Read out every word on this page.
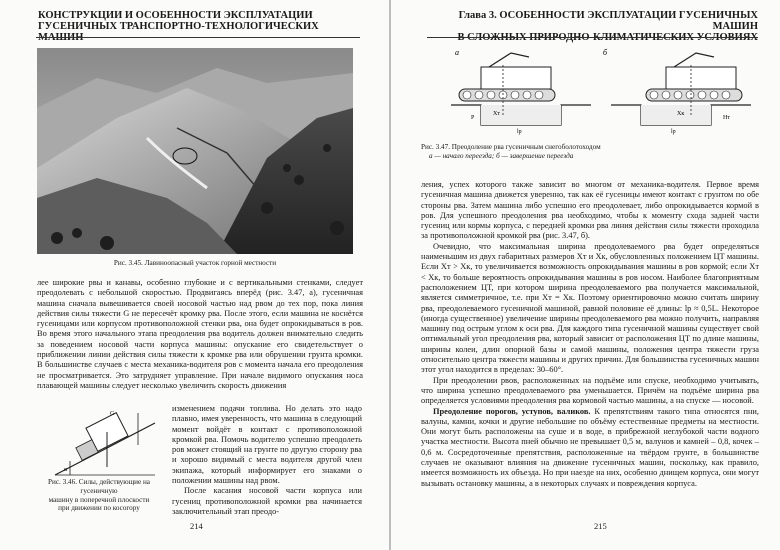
КОНСТРУКЦИИ И ОСОБЕННОСТИ ЭКСПЛУАТАЦИИ
ГУСЕНИЧНЫХ ТРАНСПОРТНО-ТЕХНОЛОГИЧЕСКИХ МАШИН
Рис. 3.45. Лавиноопасный участок горной местности

лее широкие рвы и канавы, особенно глубокие и с вертикальными стенками, следует преодолевать с небольшой скоростью. Продвигаясь вперёд (рис. 3.47, а), гусеничная машина сначала вывешивается своей носовой частью над рвом до тех пор, пока линия действия силы тяжести G не пересечёт кромку рва. После этого, если машина не коснётся гусеницами или корпусом противоположной стенки рва, она будет опрокидываться в ров. Во время этого начального этапа преодоления рва водитель должен внимательно следить за поведением носовой части корпуса машины: опускание его свидетельствует о приближении линии действия силы тяжести к кромке рва или обрушении грунта кромки. В большинстве случаев с места механика-водителя ров с момента начала его преодоления не просматривается. Это затрудняет управление. При начале видимого опускания носа плавающей машины следует несколько увеличить скорость движения

G
α
Рис. 3.46. Силы, действующие на гусеничную
машину в поперечной плоскости
при движении по косогору

изменением подачи топлива. Но делать это надо плавно, имея уверенность, что машина в следующий момент войдёт в контакт с противоположной кромкой рва. Помочь водителю успешно преодолеть ров может стоящий на грунте по другую сторону рва и хорошо видимый с места водителя другой член экипажа, который информирует его знаками о положении машины над рвом.

После касания носовой части корпуса или гусениц противоположной кромки рва начинается заключительный этап преодо-

214
Глава 3. ОСОБЕННОСТИ ЭКСПЛУАТАЦИИ ГУСЕНИЧНЫХ МАШИН
В СЛОЖНЫХ ПРИРОДНО-КЛИМАТИЧЕСКИХ УСЛОВИЯХ
а
Xт
lр
P
б
Xк
lр
Hт
Рис. 3.47. Преодоление рва гусеничным снегоболотоходом
а — начало переезда; б — завершение переезда

ления, успех которого также зависит во многом от механика-водителя. Первое время гусеничная машина движется уверенно, так как её гусеницы имеют контакт с грунтом по обе стороны рва. Затем машина либо успешно его преодолевает, либо опрокидывается кормой в ров. Для успешного преодоления рва необходимо, чтобы к моменту схода задней части гусениц или кормы корпуса, с передней кромки рва линия действия силы тяжести проходила за противоположной кромкой рва (рис. 3.47, б).

Очевидно, что максимальная ширина преодолеваемого рва будет определяться наименьшим из двух габаритных размеров Xт и Xк, обусловленных положением ЦТ машины. Если Xт > Xк, то увеличивается возможность опрокидывания машины в ров кормой; если Xт < Xк, то больше вероятность опрокидывания машины в ров носом. Наиболее благоприятным расположением ЦТ, при котором ширина преодолеваемого рва получается максимальной, является симметричное, т.е. при Xт = Xк. Поэтому ориентировочно можно считать ширину рва, преодолеваемого гусеничной машиной, равной половине её длины: lр ≈ 0,5L. Некоторое (иногда существенное) увеличение ширины преодолеваемого рва можно получить, направляя машину под острым углом к оси рва. Для каждого типа гусеничной машины существует свой оптимальный угол преодоления рва, который зависит от расположения ЦТ по длине машины, ширины колеи, длин опорной базы и самой машины, положения центра тяжести груза относительно центра тяжести машины и других причин. Для большинства гусеничных машин этот угол находится в пределах: 30–60°.

При преодолении рвов, расположенных на подъёме или спуске, необходимо учитывать, что ширина успешно преодолеваемого рва уменьшается. Причём на подъёме ширина рва определяется условиями преодоления рва кормовой частью машины, а на спуске — носовой.

Преодоление порогов, уступов, валиков. К препятствиям такого типа относятся пни, валуны, камни, кочки и другие небольшие по объёму естественные предметы на местности. Они могут быть расположены на суше и в воде, в прибрежной неглубокой части водного участка местности. Высота пней обычно не превышает 0,5 м, валунов и камней – 0,8, кочек – 0,6 м. Сосредоточенные препятствия, расположенные на твёрдом грунте, в большинстве случаев не оказывают влияния на движение гусеничных машин, поскольку, как правило, имеется возможность их объезда. Но при наезде на них, особенно днищем корпуса, они могут вызывать остановку машины, а в некоторых случаях и повреждения корпуса.

215
